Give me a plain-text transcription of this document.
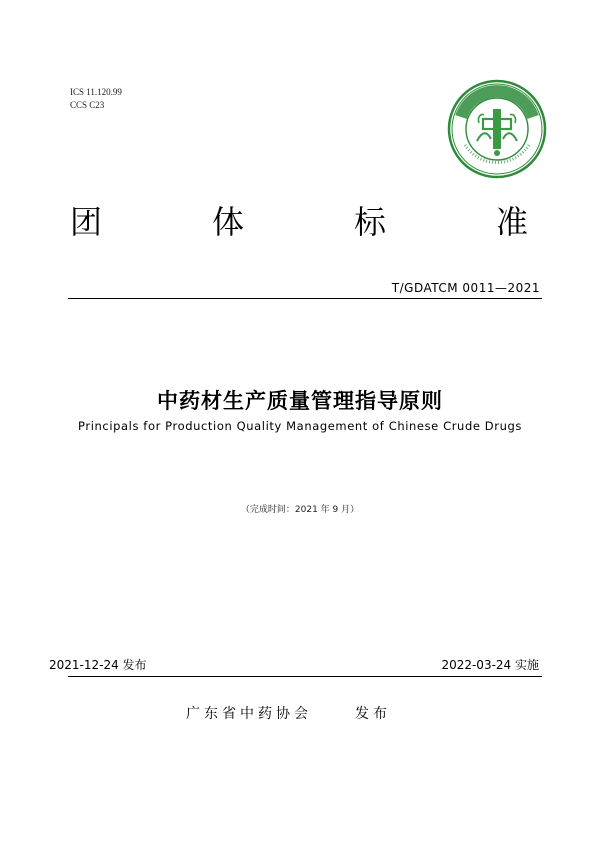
ICS 11.120.99
CCS C23
团	体	标	准
T/GDATCM 0011—2021
中药材生产质量管理指导原则
Principals for Production Quality Management of Chinese Crude Drugs
（完成时间：2021 年 9 月）
2021-12-24 发布	2022-03-24 实施
广东省中药协会	发布
